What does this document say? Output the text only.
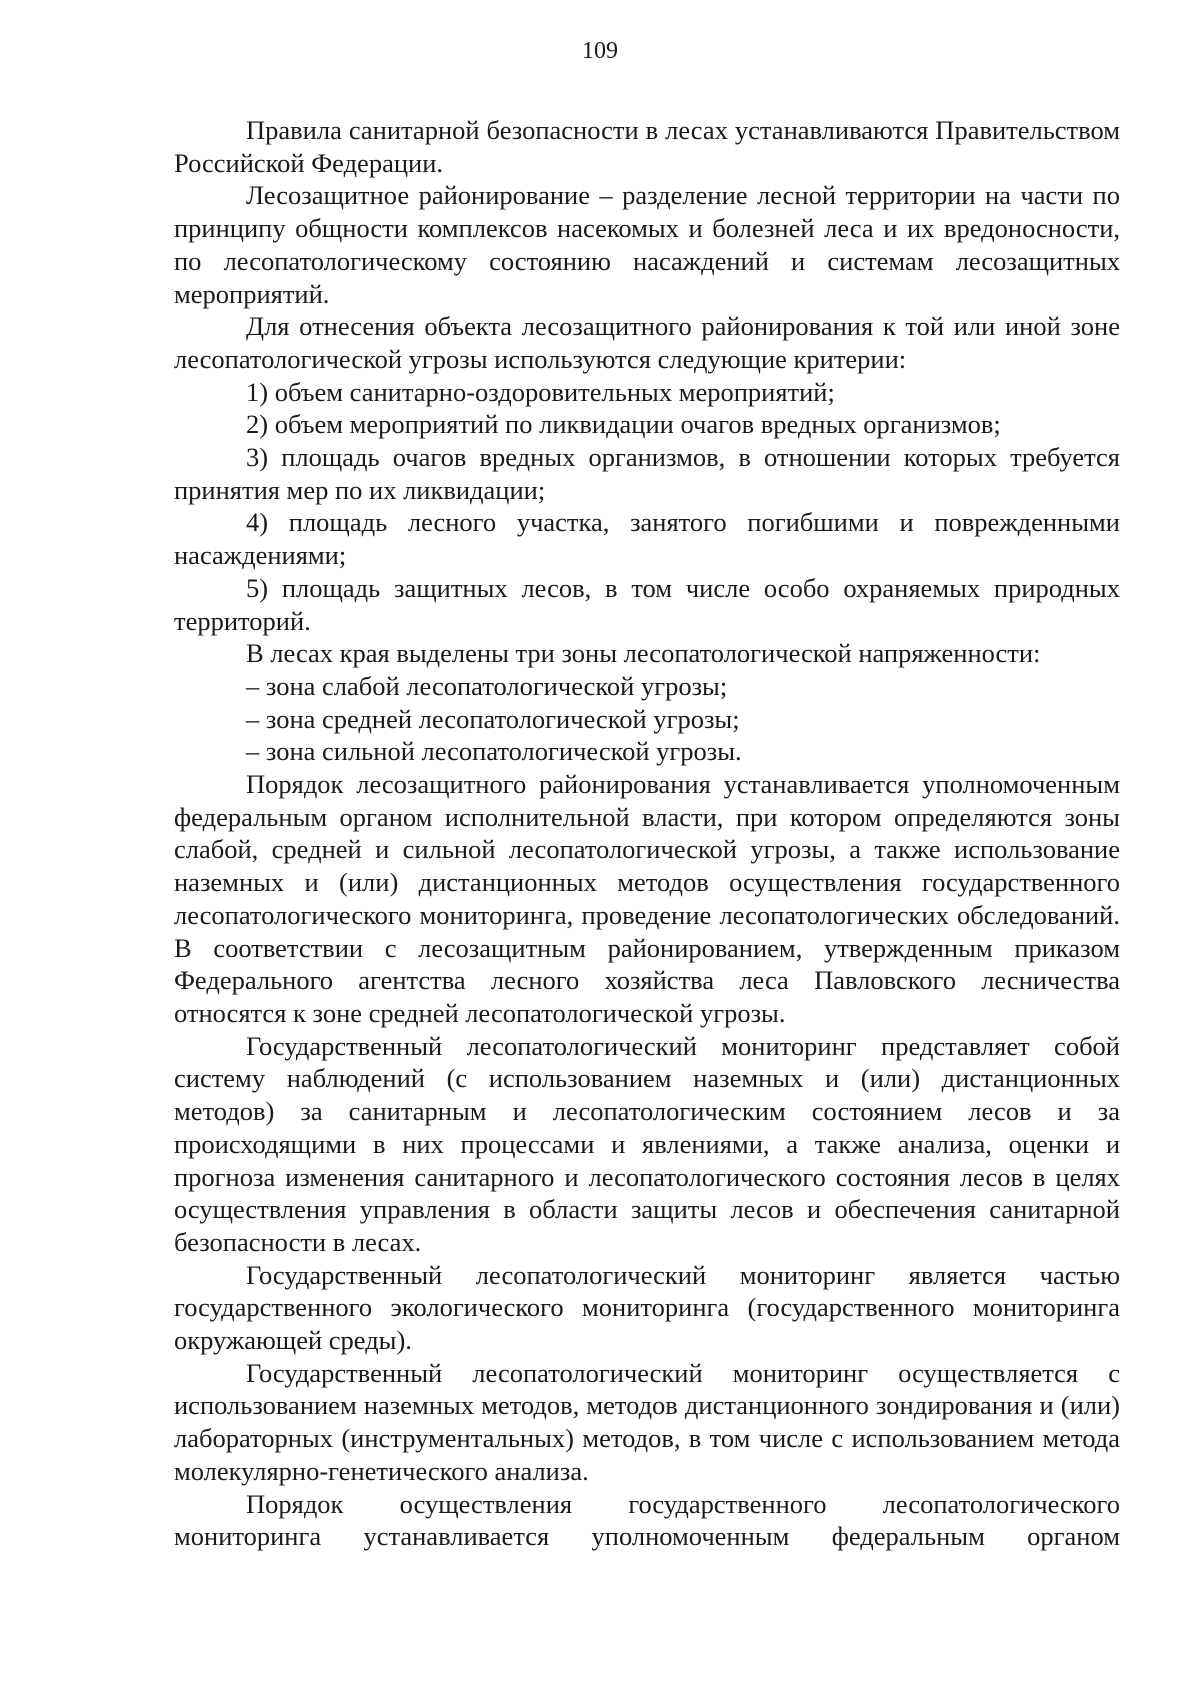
109

Правила санитарной безопасности в лесах устанавливаются Правительством Российской Федерации.

Лесозащитное районирование – разделение лесной территории на части по принципу общности комплексов насекомых и болезней леса и их вредоносности, по лесопатологическому состоянию насаждений и системам лесозащитных мероприятий.

Для отнесения объекта лесозащитного районирования к той или иной зоне лесопатологической угрозы используются следующие критерии:

1) объем санитарно-оздоровительных мероприятий;

2) объем мероприятий по ликвидации очагов вредных организмов;

3) площадь очагов вредных организмов, в отношении которых требуется принятия мер по их ликвидации;

4) площадь лесного участка, занятого погибшими и поврежденными насаждениями;

5) площадь защитных лесов, в том числе особо охраняемых природных территорий.

В лесах края выделены три зоны лесопатологической напряженности:

– зона слабой лесопатологической угрозы;

– зона средней лесопатологической угрозы;

– зона сильной лесопатологической угрозы.

Порядок лесозащитного районирования устанавливается уполномоченным федеральным органом исполнительной власти, при котором определяются зоны слабой, средней и сильной лесопатологической угрозы, а также использование наземных и (или) дистанционных методов осуществления государственного лесопатологического мониторинга, проведение лесопатологических обследований. В соответствии с лесозащитным районированием, утвержденным приказом Федерального агентства лесного хозяйства леса Павловского лесничества относятся к зоне средней лесопатологической угрозы.

Государственный лесопатологический мониторинг представляет собой систему наблюдений (с использованием наземных и (или) дистанционных методов) за санитарным и лесопатологическим состоянием лесов и за происходящими в них процессами и явлениями, а также анализа, оценки и прогноза изменения санитарного и лесопатологического состояния лесов в целях осуществления управления в области защиты лесов и обеспечения санитарной безопасности в лесах.

Государственный лесопатологический мониторинг является частью государственного экологического мониторинга (государственного мониторинга окружающей среды).

Государственный лесопатологический мониторинг осуществляется с использованием наземных методов, методов дистанционного зондирования и (или) лабораторных (инструментальных) методов, в том числе с использованием метода молекулярно-генетического анализа.

Порядок осуществления государственного лесопатологического мониторинга устанавливается уполномоченным федеральным органом
